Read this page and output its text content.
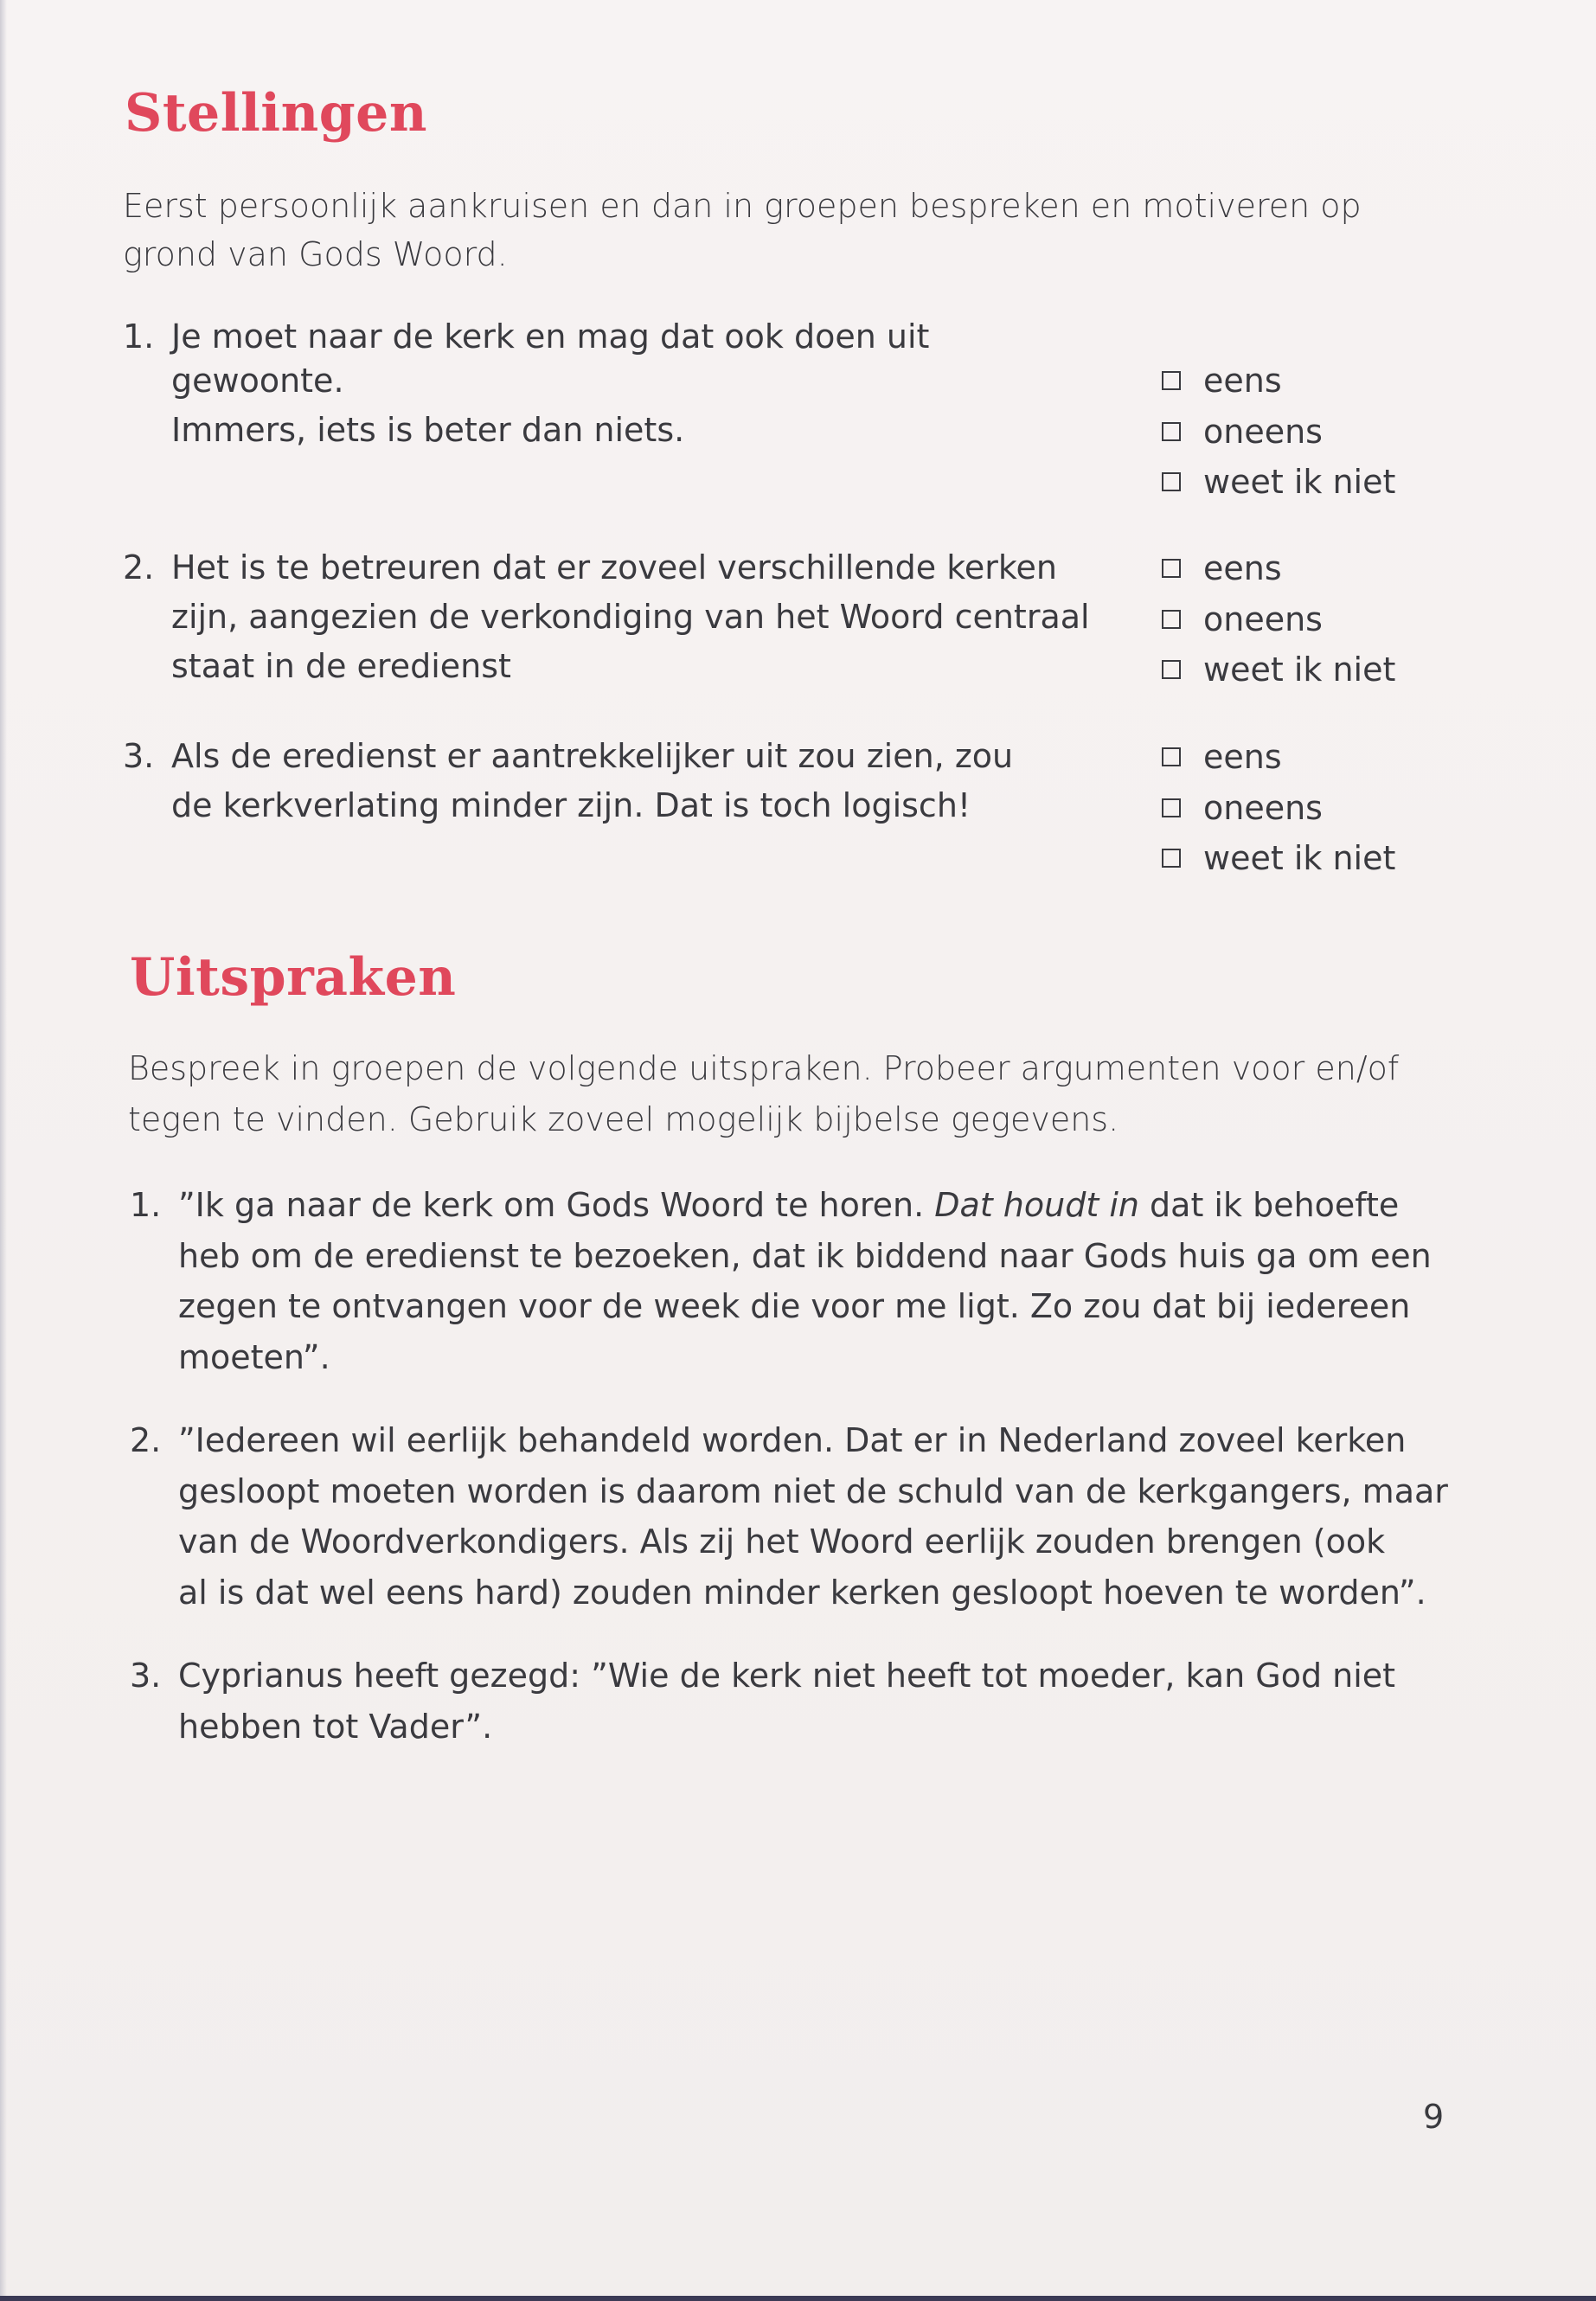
Stellingen
Eerst persoonlijk aankruisen en dan in groepen bespreken en motiveren op
grond van Gods Woord.
1. Je moet naar de kerk en mag dat ook doen uit

gewoonte.

Immers, iets is beter dan niets.

eens
oneens
weet ik niet
2. Het is te betreuren dat er zoveel verschillende kerken

zijn, aangezien de verkondiging van het Woord centraal

staat in de eredienst

eens
oneens
weet ik niet
3. Als de eredienst er aantrekkelijker uit zou zien, zou

de kerkverlating minder zijn. Dat is toch logisch!

eens
oneens
weet ik niet
Uitspraken
Bespreek in groepen de volgende uitspraken. Probeer argumenten voor en/of
tegen te vinden. Gebruik zoveel mogelijk bijbelse gegevens.
1. ”Ik ga naar de kerk om Gods Woord te horen. Dat houdt in dat ik behoefte

heb om de eredienst te bezoeken, dat ik biddend naar Gods huis ga om een

zegen te ontvangen voor de week die voor me ligt. Zo zou dat bij iedereen

moeten”.

2. ”Iedereen wil eerlijk behandeld worden. Dat er in Nederland zoveel kerken

gesloopt moeten worden is daarom niet de schuld van de kerkgangers, maar

van de Woordverkondigers. Als zij het Woord eerlijk zouden brengen (ook

al is dat wel eens hard) zouden minder kerken gesloopt hoeven te worden”.

3. Cyprianus heeft gezegd: ”Wie de kerk niet heeft tot moeder, kan God niet

hebben tot Vader”.

9
